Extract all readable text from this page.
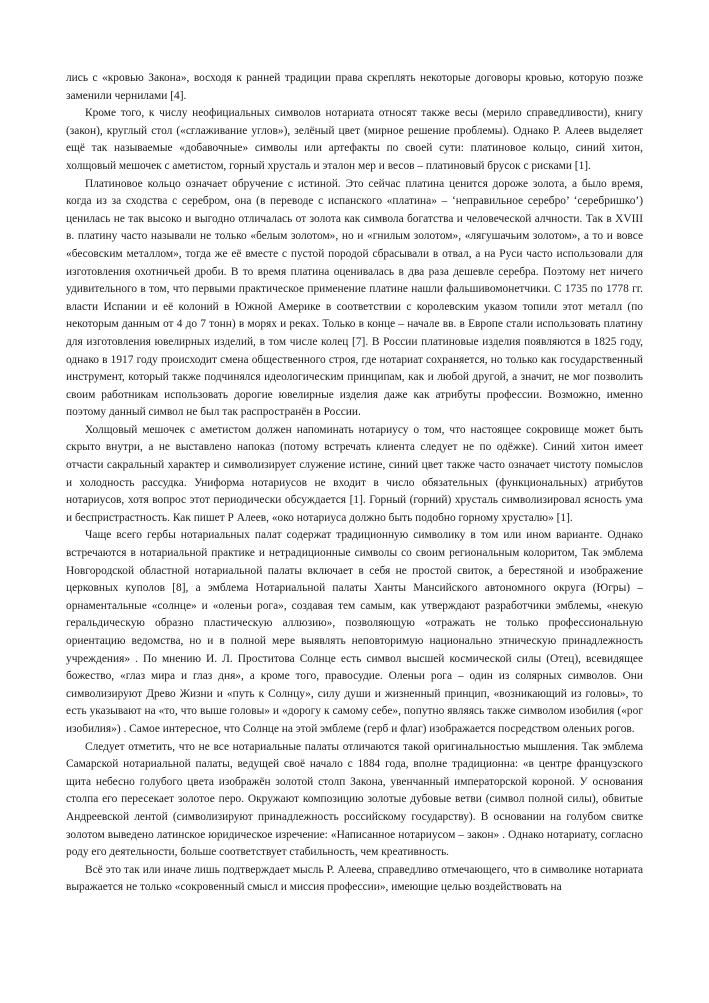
лись с «кровью Закона», восходя к ранней традиции права скреплять некоторые договоры кровью, которую позже заменили чернилами [4].

Кроме того, к числу неофициальных символов нотариата относят также весы (мерило справедливости), книгу (закон), круглый стол («сглаживание углов»), зелёный цвет (мирное решение проблемы). Однако Р. Алеев выделяет ещё так называемые «добавочные» символы или артефакты по своей сути: платиновое кольцо, синий хитон, холщовый мешочек с аметистом, горный хрусталь и эталон мер и весов – платиновый брусок с рисками [1].

Платиновое кольцо означает обручение с истиной. Это сейчас платина ценится дороже золота, а было время, когда из за сходства с серебром, она (в переводе с испанского «платина» – ‘неправильное серебро’ ‘серебришко’) ценилась не так высоко и выгодно отличалась от золота как символа богатства и человеческой алчности. Так в XVIII в. платину часто называли не только «белым золотом», но и «гнилым золотом», «лягушачьим золотом», а то и вовсе «бесовским металлом», тогда же её вместе с пустой породой сбрасывали в отвал, а на Руси часто использовали для изготовления охотничьей дроби. В то время платина оценивалась в два раза дешевле серебра. Поэтому нет ничего удивительного в том, что первыми практическое применение платине нашли фальшивомонетчики. С 1735 по 1778 гг. власти Испании и её колоний в Южной Америке в соответствии с королевским указом топили этот металл (по некоторым данным от 4 до 7 тонн) в морях и реках. Только в конце – начале вв. в Европе стали использовать платину для изготовления ювелирных изделий, в том числе колец [7]. В России платиновые изделия появляются в 1825 году, однако в 1917 году происходит смена общественного строя, где нотариат сохраняется, но только как государственный инструмент, который также подчинялся идеологическим принципам, как и любой другой, а значит, не мог позволить своим работникам использовать дорогие ювелирные изделия даже как атрибуты профессии. Возможно, именно поэтому данный символ не был так распространён в России.

Холщовый мешочек с аметистом должен напоминать нотариусу о том, что настоящее сокровище может быть скрыто внутри, а не выставлено напоказ (потому встречать клиента следует не по одёжке). Синий хитон имеет отчасти сакральный характер и символизирует служение истине, синий цвет также часто означает чистоту помыслов и холодность рассудка. Униформа нотариусов не входит в число обязательных (функциональных) атрибутов нотариусов, хотя вопрос этот периодически обсуждается [1]. Горный (горний) хрусталь символизировал ясность ума и беспристрастность. Как пишет Р Алеев, «око нотариуса должно быть подобно горному хрусталю» [1].

Чаще всего гербы нотариальных палат содержат традиционную символику в том или ином варианте. Однако встречаются в нотариальной практике и нетрадиционные символы со своим региональным колоритом, Так эмблема Новгородской областной нотариальной палаты включает в себя не простой свиток, а берестяной и изображение церковных куполов [8], а эмблема Нотариальной палаты Ханты Мансийского автономного округа (Югры) – орнаментальные «солнце» и «оленьи рога», создавая тем самым, как утверждают разработчики эмблемы, «некую геральдическую образно пластическую аллюзию», позволяющую «отражать не только профессиональную ориентацию ведомства, но и в полной мере выявлять неповторимую национально этническую принадлежность учреждения» . По мнению И. Л. Проститова Солнце есть символ высшей космической силы (Отец), всевидящее божество, «глаз мира и глаз дня», а кроме того, правосудие. Оленьи рога – один из солярных символов. Они символизируют Древо Жизни и «путь к Солнцу», силу души и жизненный принцип, «возникающий из головы», то есть указывают на «то, что выше головы» и «дорогу к самому себе», попутно являясь также символом изобилия («рог изобилия») . Самое интересное, что Солнце на этой эмблеме (герб и флаг) изображается посредством оленьих рогов.

Следует отметить, что не все нотариальные палаты отличаются такой оригинальностью мышления. Так эмблема Самарской нотариальной палаты, ведущей своё начало с 1884 года, вполне традиционна: «в центре французского щита небесно голубого цвета изображён золотой столп Закона, увенчанный императорской короной. У основания столпа его пересекает золотое перо. Окружают композицию золотые дубовые ветви (символ полной силы), обвитые Андреевской лентой (символизируют принадлежность российскому государству). В основании на голубом свитке золотом выведено латинское юридическое изречение: «Написанное нотариусом – закон» . Однако нотариату, согласно роду его деятельности, больше соответствует стабильность, чем креативность.

Всё это так или иначе лишь подтверждает мысль Р. Алеева, справедливо отмечающего, что в символике нотариата выражается не только «сокровенный смысл и миссия профессии», имеющие целью воздействовать на
